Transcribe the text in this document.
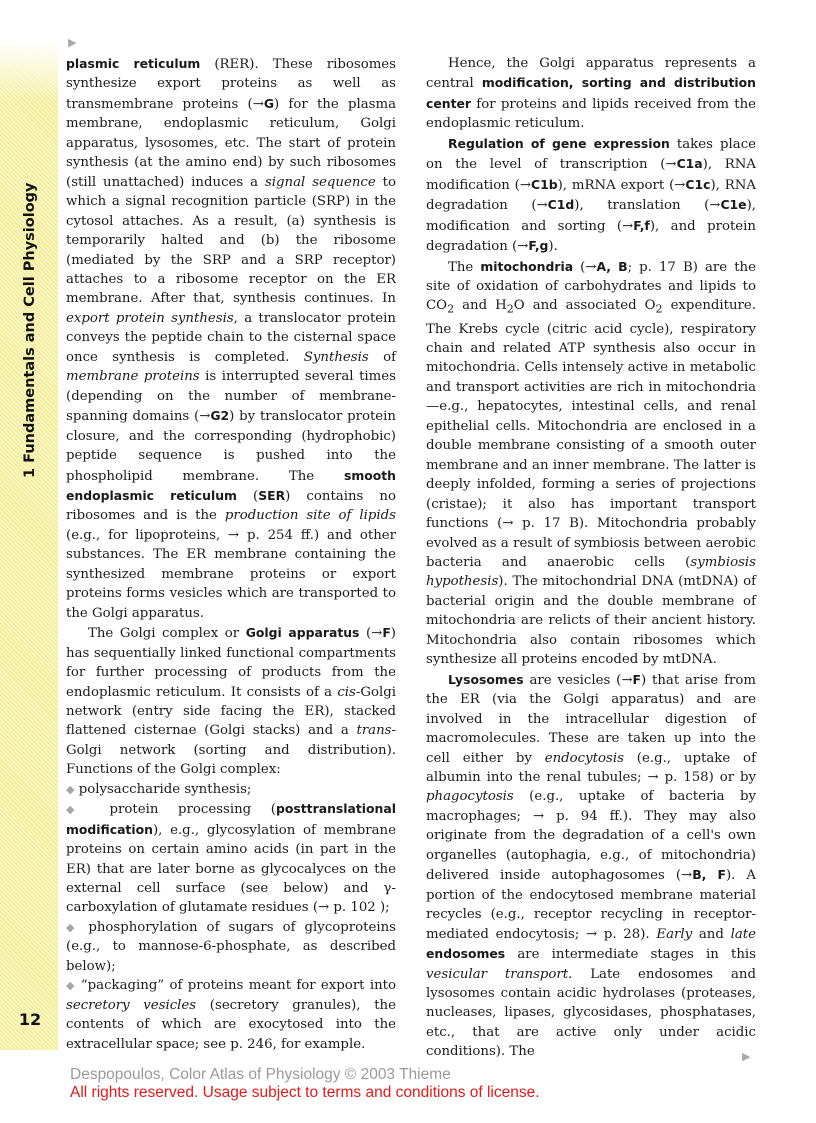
1 Fundamentals and Cell Physiology
12
▶

plasmic reticulum (RER). These ribosomes synthesize export proteins as well as transmembrane proteins (→G) for the plasma membrane, endoplasmic reticulum, Golgi apparatus, lysosomes, etc. The start of protein synthesis (at the amino end) by such ribosomes (still unattached) induces a signal sequence to which a signal recognition particle (SRP) in the cytosol attaches. As a result, (a) synthesis is temporarily halted and (b) the ribosome (mediated by the SRP and a SRP receptor) attaches to a ribosome receptor on the ER membrane. After that, synthesis continues. In export protein synthesis, a translocator protein conveys the peptide chain to the cisternal space once synthesis is completed. Synthesis of membrane proteins is interrupted several times (depending on the number of membrane-spanning domains (→G2) by translocator protein closure, and the corresponding (hydrophobic) peptide sequence is pushed into the phospholipid membrane. The smooth endoplasmic reticulum (SER) contains no ribosomes and is the production site of lipids (e.g., for lipoproteins, → p. 254 ff.) and other substances. The ER membrane containing the synthesized membrane proteins or export proteins forms vesicles which are transported to the Golgi apparatus.

The Golgi complex or Golgi apparatus (→F) has sequentially linked functional compartments for further processing of products from the endoplasmic reticulum. It consists of a cis-Golgi network (entry side facing the ER), stacked flattened cisternae (Golgi stacks) and a trans-Golgi network (sorting and distribution). Functions of the Golgi complex:

◆ polysaccharide synthesis;

◆ protein processing (posttranslational modification), e.g., glycosylation of membrane proteins on certain amino acids (in part in the ER) that are later borne as glycocalyces on the external cell surface (see below) and γ-carboxylation of glutamate residues (→ p. 102 );

◆ phosphorylation of sugars of glycoproteins (e.g., to mannose-6-phosphate, as described below);

◆ “packaging” of proteins meant for export into secretory vesicles (secretory granules), the contents of which are exocytosed into the extracellular space; see p. 246, for example.

Hence, the Golgi apparatus represents a central modification, sorting and distribution center for proteins and lipids received from the endoplasmic reticulum.

Regulation of gene expression takes place on the level of transcription (→C1a), RNA modification (→C1b), mRNA export (→C1c), RNA degradation (→C1d), translation (→C1e), modification and sorting (→F,f), and protein degradation (→F,g).

The mitochondria (→A, B; p. 17 B) are the site of oxidation of carbohydrates and lipids to $CO_2$ and $H_2O$ and associated $O_2$ expenditure. The Krebs cycle (citric acid cycle), respiratory chain and related ATP synthesis also occur in mitochondria. Cells intensely active in metabolic and transport activities are rich in mitochondria—e.g., hepatocytes, intestinal cells, and renal epithelial cells. Mitochondria are enclosed in a double membrane consisting of a smooth outer membrane and an inner membrane. The latter is deeply infolded, forming a series of projections (cristae); it also has important transport functions (→ p. 17 B). Mitochondria probably evolved as a result of symbiosis between aerobic bacteria and anaerobic cells (symbiosis hypothesis). The mitochondrial DNA (mtDNA) of bacterial origin and the double membrane of mitochondria are relicts of their ancient history. Mitochondria also contain ribosomes which synthesize all proteins encoded by mtDNA.

Lysosomes are vesicles (→F) that arise from the ER (via the Golgi apparatus) and are involved in the intracellular digestion of macromolecules. These are taken up into the cell either by endocytosis (e.g., uptake of albumin into the renal tubules; → p. 158) or by phagocytosis (e.g., uptake of bacteria by macrophages; → p. 94 ff.). They may also originate from the degradation of a cell's own organelles (autophagia, e.g., of mitochondria) delivered inside autophagosomes (→B, F). A portion of the endocytosed membrane material recycles (e.g., receptor recycling in receptor-mediated endocytosis; → p. 28). Early and late endosomes are intermediate stages in this vesicular transport. Late endosomes and lysosomes contain acidic hydrolases (proteases, nucleases, lipases, glycosidases, phosphatases, etc., that are active only under acidic conditions). The	▶
Despopoulos, Color Atlas of Physiology © 2003 Thieme
All rights reserved. Usage subject to terms and conditions of license.
